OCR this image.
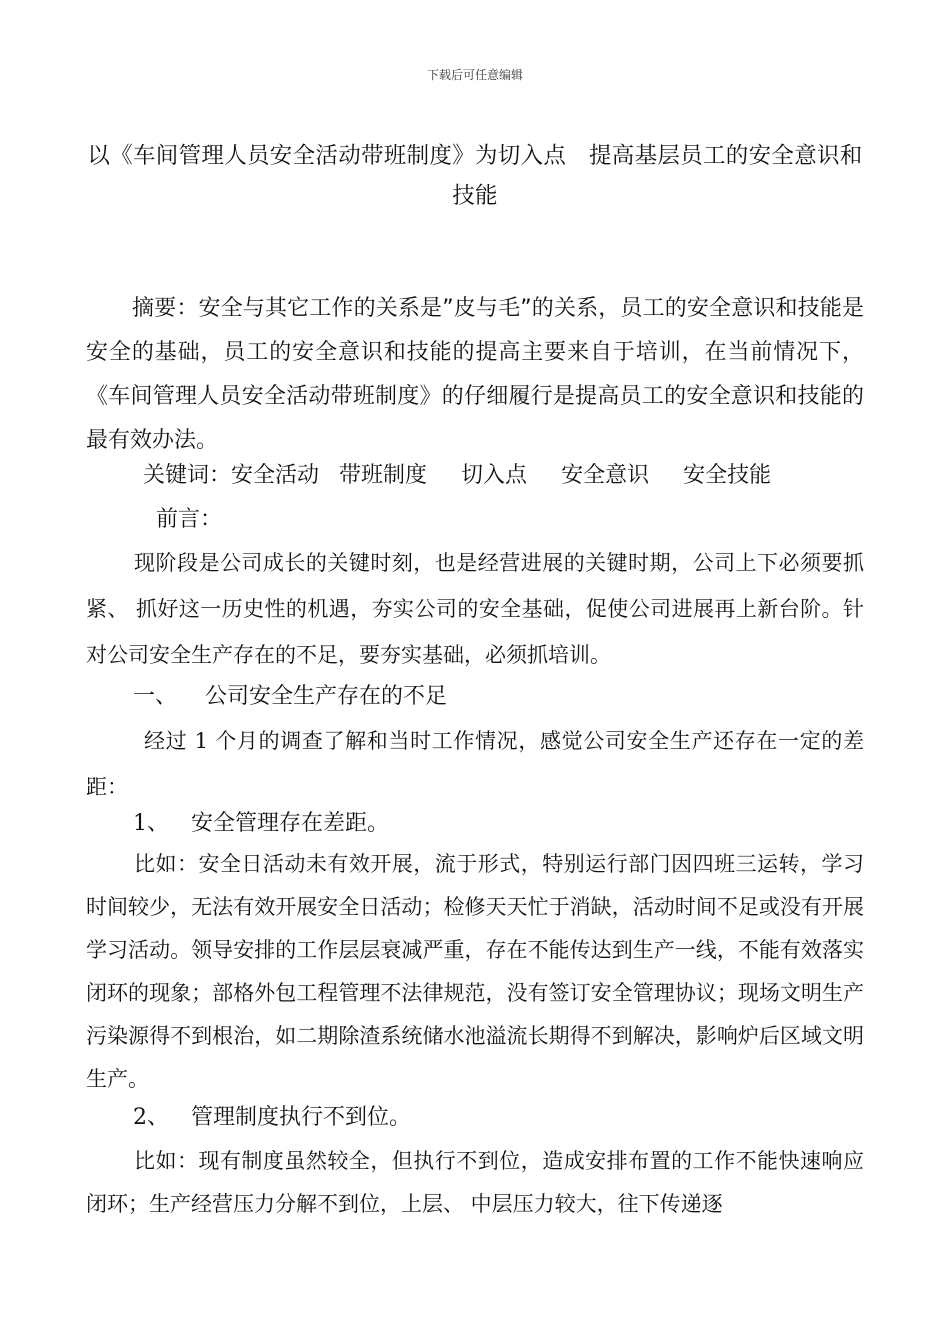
下载后可任意编辑
以《车间管理人员安全活动带班制度》为切入点　提高基层员工的安全意识和技能
摘要：安全与其它工作的关系是”皮与毛”的关系，员工的安全意识和技能是安全的基础，员工的安全意识和技能的提高主要来自于培训，在当前情况下，《车间管理人员安全活动带班制度》的仔细履行是提高员工的安全意识和技能的最有效办法。
关键词：安全活动 带班制度 切入点 安全意识 安全技能
前言：
现阶段是公司成长的关键时刻，也是经营进展的关键时期，公司上下必须要抓紧、 抓好这一历史性的机遇，夯实公司的安全基础，促使公司进展再上新台阶。针对公司安全生产存在的不足，要夯实基础，必须抓培训。
一、 公司安全生产存在的不足
经过 1 个月的调查了解和当时工作情况，感觉公司安全生产还存在一定的差距：
1、 安全管理存在差距。
比如：安全日活动未有效开展，流于形式，特别运行部门因四班三运转，学习时间较少，无法有效开展安全日活动；检修天天忙于消缺，活动时间不足或没有开展学习活动。领导安排的工作层层衰减严重，存在不能传达到生产一线，不能有效落实闭环的现象；部格外包工程管理不法律规范，没有签订安全管理协议；现场文明生产污染源得不到根治，如二期除渣系统储水池溢流长期得不到解决，影响炉后区域文明生产。
2、 管理制度执行不到位。
比如：现有制度虽然较全，但执行不到位，造成安排布置的工作不能快速响应闭环；生产经营压力分解不到位，上层、 中层压力较大，往下传递逐
